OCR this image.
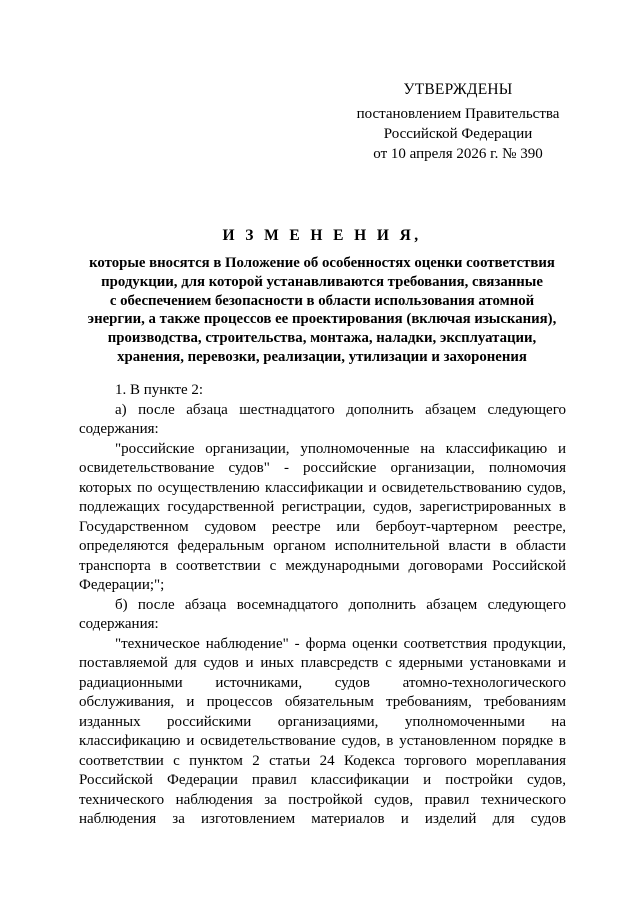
УТВЕРЖДЕНЫ
постановлением Правительства
Российской Федерации
от 10 апреля 2026 г. № 390
И З М Е Н Е Н И Я,
которые вносятся в Положение об особенностях оценки соответствия
продукции, для которой устанавливаются требования, связанные
с обеспечением безопасности в области использования атомной
энергии, а также процессов ее проектирования (включая изыскания),
производства, строительства, монтажа, наладки, эксплуатации,
хранения, перевозки, реализации, утилизации и захоронения

1. В пункте 2:

а) после абзаца шестнадцатого дополнить абзацем следующего содержания:

"российские организации, уполномоченные на классификацию и освидетельствование судов" - российские организации, полномочия которых по осуществлению классификации и освидетельствованию судов, подлежащих государственной регистрации, судов, зарегистрированных в Государственном судовом реестре или бербоут-чартерном реестре, определяются федеральным органом исполнительной власти в области транспорта в соответствии с международными договорами Российской Федерации;";

б) после абзаца восемнадцатого дополнить абзацем следующего содержания:

"техническое наблюдение" - форма оценки соответствия продукции, поставляемой для судов и иных плавсредств с ядерными установками и радиационными источниками, судов атомно-технологического обслуживания, и процессов обязательным требованиям, требованиям изданных российскими организациями, уполномоченными на классификацию и освидетельствование судов, в установленном порядке в соответствии с пунктом 2 статьи 24 Кодекса торгового мореплавания Российской Федерации правил классификации и постройки судов, технического наблюдения за постройкой судов, правил технического наблюдения за изготовлением материалов и изделий для судов
